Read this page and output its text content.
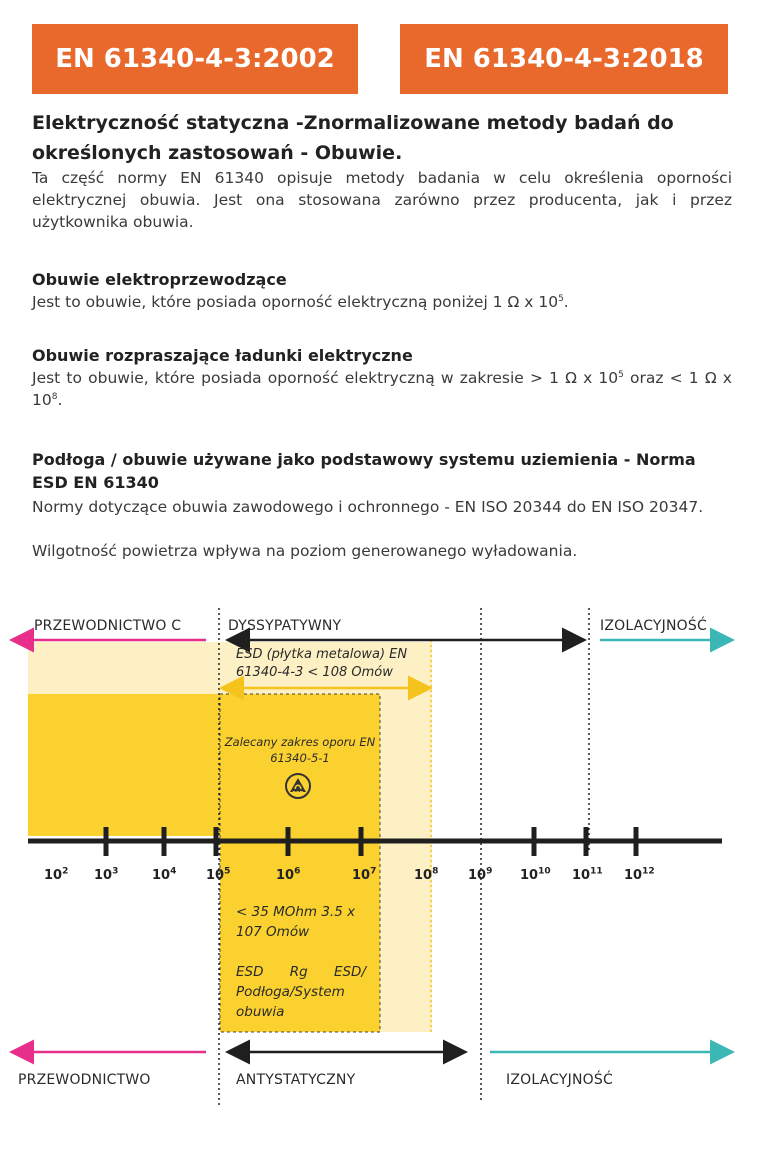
EN 61340-4-3:2002	EN 61340-4-3:2018
Elektryczność statyczna -Znormalizowane metody badań do
określonych zastosowań - Obuwie.
Ta część normy EN 61340 opisuje metody badania w celu określenia oporności elektrycznej obuwia. Jest ona stosowana zarówno przez producenta, jak i przez użytkownika obuwia.
Obuwie elektroprzewodzące
Jest to obuwie, które posiada oporność elektryczną poniżej 1 Ω x $10^5$.
Obuwie rozpraszające ładunki elektryczne
Jest to obuwie, które posiada oporność elektryczną w zakresie > 1 Ω x $10^5$ oraz < 1 Ω x $10^8$.
Podłoga / obuwie używane jako podstawowy systemu uziemienia - Norma ESD EN 61340
Normy dotyczące obuwia zawodowego i ochronnego - EN ISO 20344 do EN ISO 20347.
Wilgotność powietrza wpływa na poziom generowanego wyładowania.
ESD
PRZEWODNICTWO C	DYSSYPATYWNY	IZOLACYJNOŚĆ
ESD (płytka metalowa) EN 61340-4-3 < 108 Omów
Zalecany zakres oporu EN 61340-5-1
$10^2$ $10^3$	$10^4$ $10^5$	$10^6$	$10^7$	$10^8$ $10^9$ $10^{10}$ $10^{11}$ $10^{12}$
< 35 MOhm 3.5 x 107 Omów
ESD Rg ESD/ Podłoga/System obuwia
PRZEWODNICTWO	ANTYSTATYCZNY	IZOLACYJNOŚĆ
